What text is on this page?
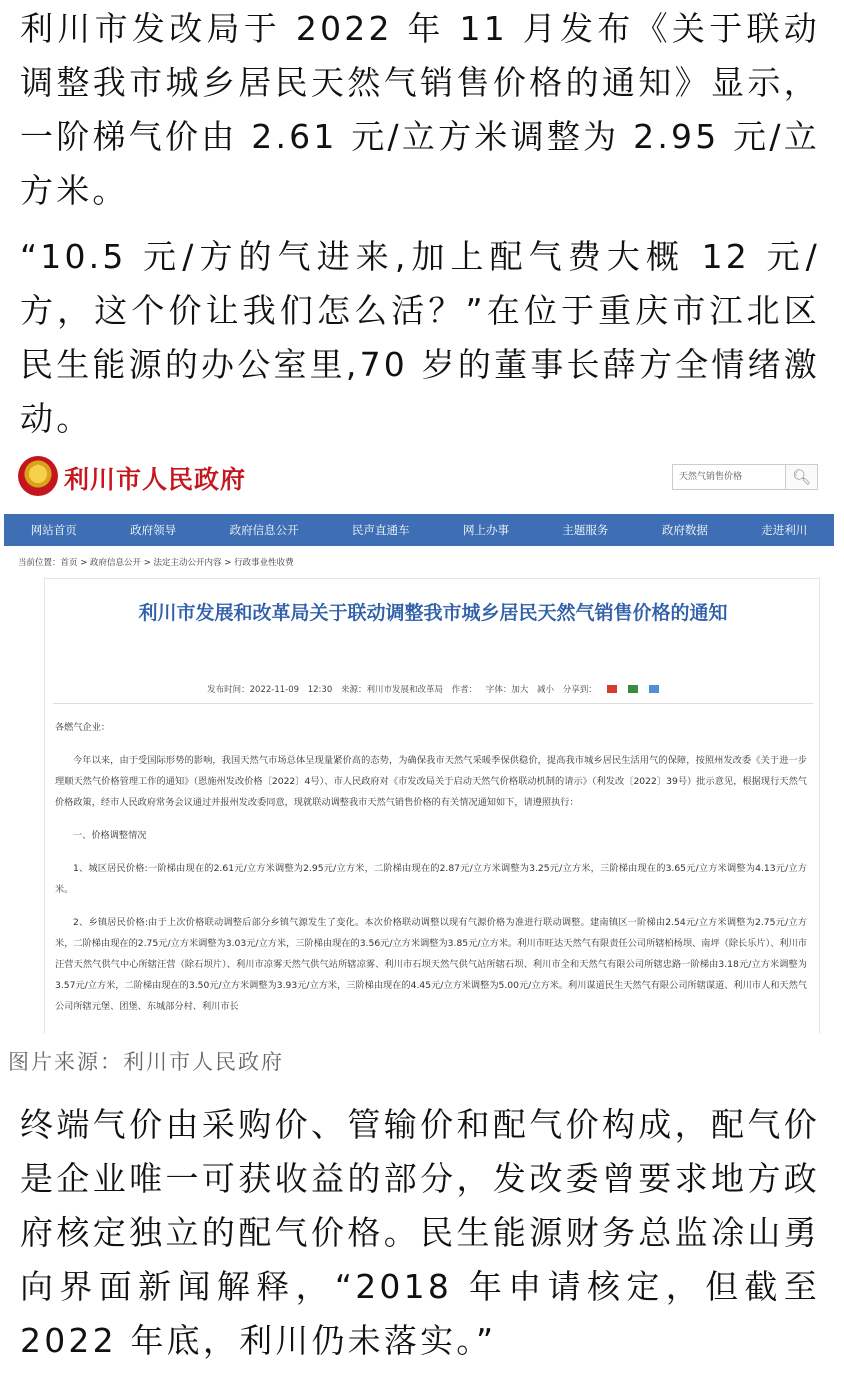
利川市发改局于 2022 年 11 月发布《关于联动调整我市城乡居民天然气销售价格的通知》显示，一阶梯气价由 2.61 元/立方米调整为 2.95 元/立方米。
“10.5 元/方的气进来,加上配气费大概 12 元/方，这个价让我们怎么活？”在位于重庆市江北区民生能源的办公室里,70 岁的董事长薛方全情绪激动。
利川市人民政府	天然气销售价格	🔍︎
网站首页	政府领导	政府信息公开	民声直通车	网上办事	主题服务	政府数据	走进利川
当前位置：首页 > 政府信息公开 > 法定主动公开内容 > 行政事业性收费
利川市发展和改革局关于联动调整我市城乡居民天然气销售价格的通知
发布时间：2022-11-09 12:30 来源：利川市发展和改革局 作者： 字体：加大 减小 分享到：

各燃气企业：

今年以来，由于受国际形势的影响，我国天然气市场总体呈现量紧价高的态势，为确保我市天然气采暖季保供稳价，提高我市城乡居民生活用气的保障，按照州发改委《关于进一步理顺天然气价格管理工作的通知》（恩施州发改价格〔2022〕4号）、市人民政府对《市发改局关于启动天然气价格联动机制的请示》（利发改〔2022〕39号）批示意见，根据现行天然气价格政策，经市人民政府常务会议通过并报州发改委同意，现就联动调整我市天然气销售价格的有关情况通知如下，请遵照执行：

一、价格调整情况

1、城区居民价格:一阶梯由现在的2.61元/立方米调整为2.95元/立方米，二阶梯由现在的2.87元/立方米调整为3.25元/立方米，三阶梯由现在的3.65元/立方米调整为4.13元/立方米。

2、乡镇居民价格:由于上次价格联动调整后部分乡镇气源发生了变化。本次价格联动调整以现有气源价格为准进行联动调整。建南镇区一阶梯由2.54元/立方米调整为2.75元/立方米，二阶梯由现在的2.75元/立方米调整为3.03元/立方米，三阶梯由现在的3.56元/立方米调整为3.85元/立方米。利川市旺达天然气有限责任公司所辖柏杨坝、南坪（除长乐片）、利川市汪营天然气供气中心所辖汪营（除石坝片）、利川市凉雾天然气供气站所辖凉雾、利川市石坝天然气供气站所辖石坝、利川市全和天然气有限公司所辖忠路一阶梯由3.18元/立方米调整为3.57元/立方米，二阶梯由现在的3.50元/立方米调整为3.93元/立方米，三阶梯由现在的4.45元/立方米调整为5.00元/立方米。利川谋道民生天然气有限公司所辖谋道、利川市人和天然气公司所辖元堡、团堡、东城部分村、利川市长

图片来源：利川市人民政府
终端气价由采购价、管输价和配气价构成，配气价是企业唯一可获收益的部分，发改委曾要求地方政府核定独立的配气价格。民生能源财务总监凃山勇向界面新闻解释，“2018 年申请核定，但截至 2022 年底，利川仍未落实。”
